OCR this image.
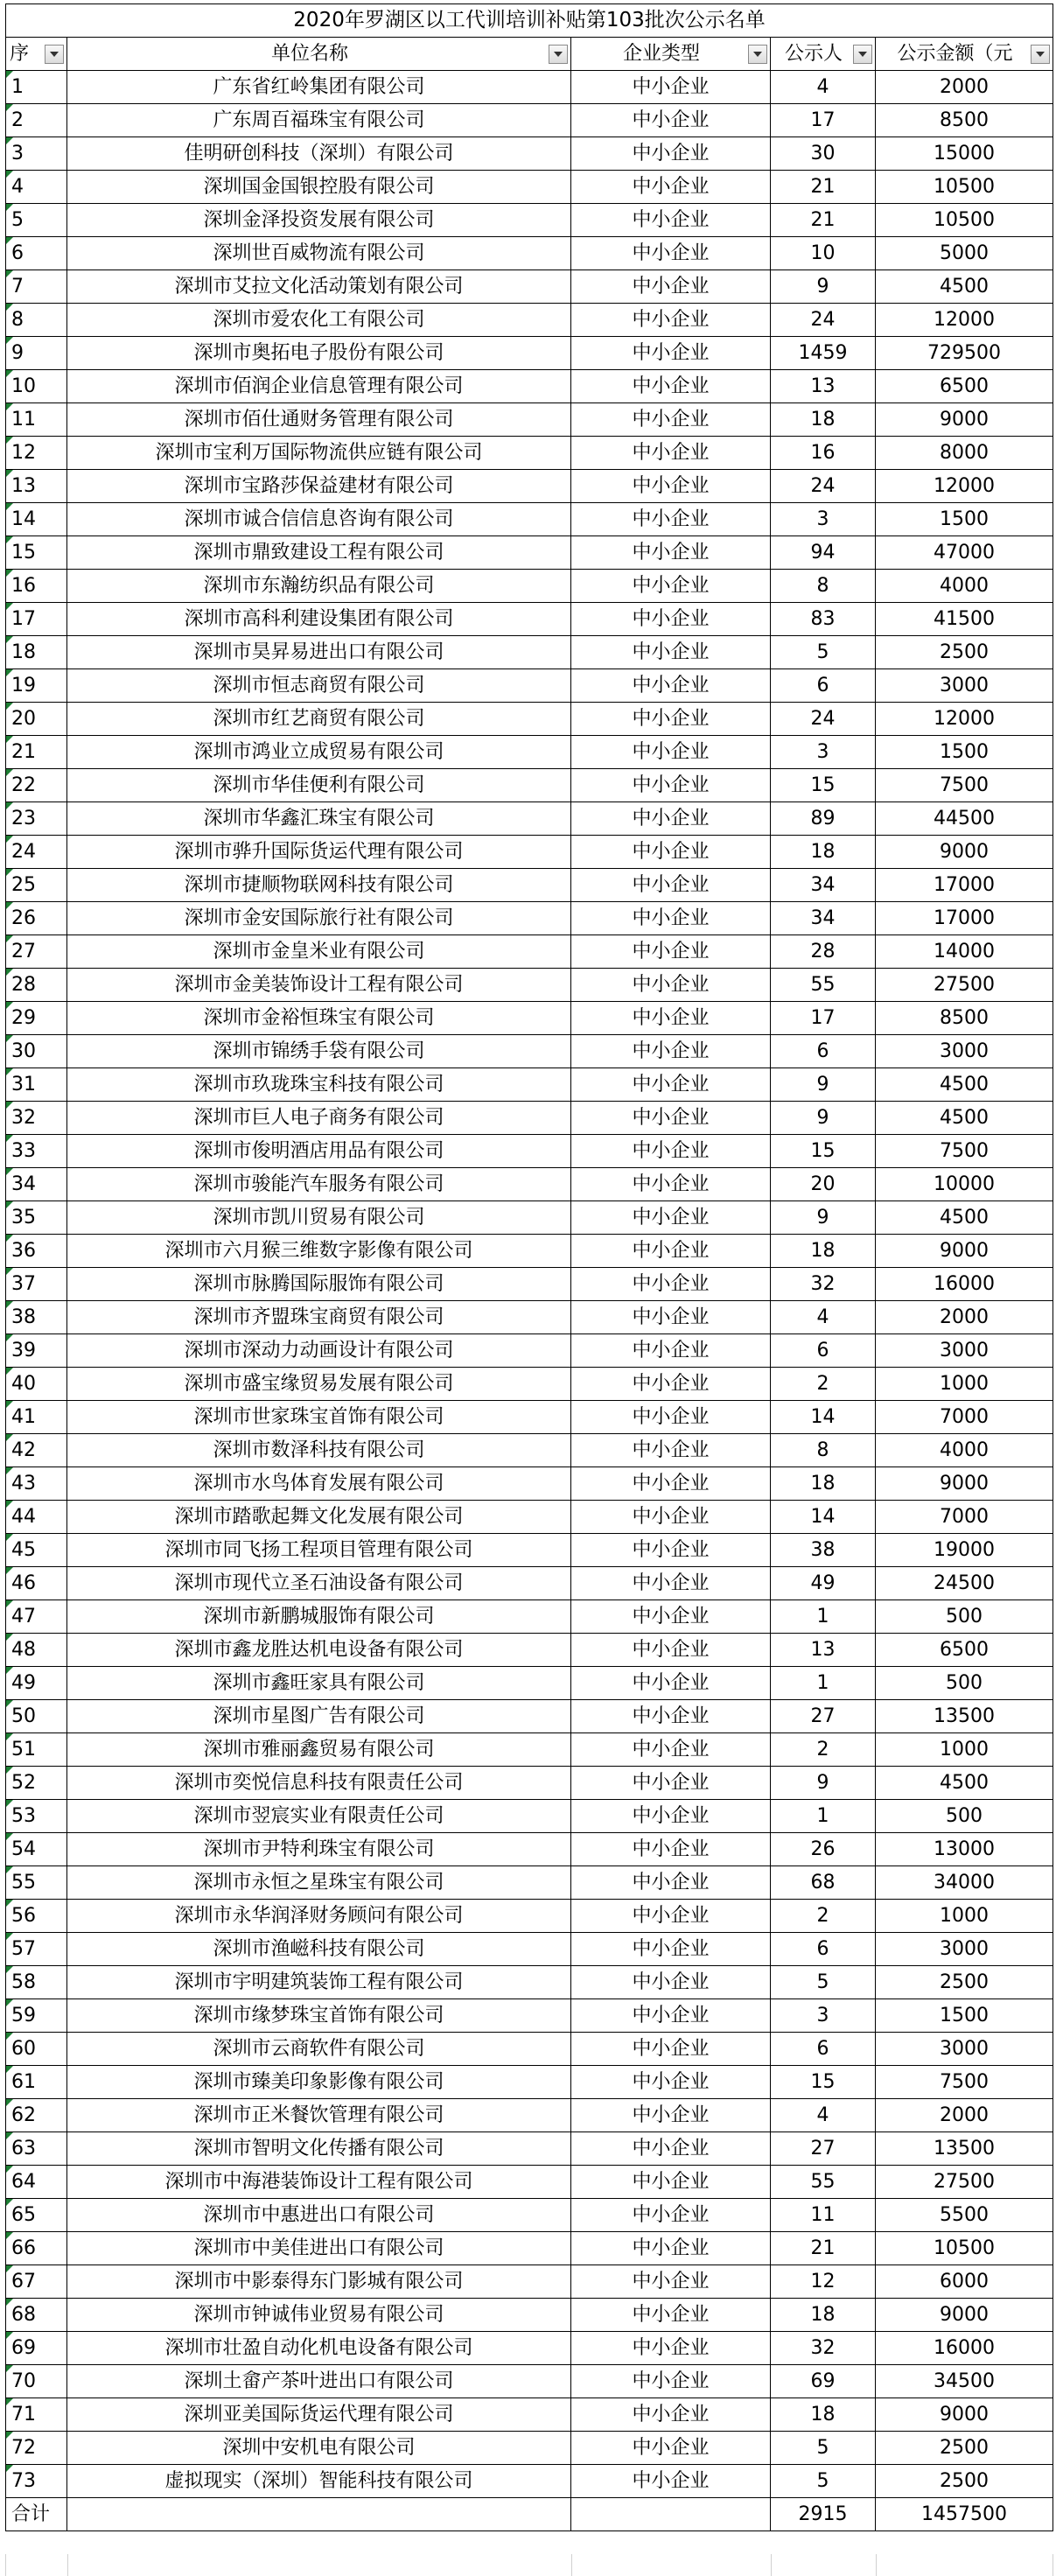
2020年罗湖区以工代训培训补贴第103批次公示名单				

序	单位名称	企业类型	公示人	公示金额（元

1	广东省红岭集团有限公司	中小企业	4	2000
2	广东周百福珠宝有限公司	中小企业	17	8500
3	佳明研创科技（深圳）有限公司	中小企业	30	15000
4	深圳国金国银控股有限公司	中小企业	21	10500
5	深圳金泽投资发展有限公司	中小企业	21	10500
6	深圳世百威物流有限公司	中小企业	10	5000
7	深圳市艾拉文化活动策划有限公司	中小企业	9	4500
8	深圳市爱农化工有限公司	中小企业	24	12000
9	深圳市奥拓电子股份有限公司	中小企业	1459	729500
10	深圳市佰润企业信息管理有限公司	中小企业	13	6500
11	深圳市佰仕通财务管理有限公司	中小企业	18	9000
12	深圳市宝利万国际物流供应链有限公司	中小企业	16	8000
13	深圳市宝路莎保益建材有限公司	中小企业	24	12000
14	深圳市诚合信信息咨询有限公司	中小企业	3	1500
15	深圳市鼎致建设工程有限公司	中小企业	94	47000
16	深圳市东瀚纺织品有限公司	中小企业	8	4000
17	深圳市高科利建设集团有限公司	中小企业	83	41500
18	深圳市昊昇易进出口有限公司	中小企业	5	2500
19	深圳市恒志商贸有限公司	中小企业	6	3000
20	深圳市红艺商贸有限公司	中小企业	24	12000
21	深圳市鸿业立成贸易有限公司	中小企业	3	1500
22	深圳市华佳便利有限公司	中小企业	15	7500
23	深圳市华鑫汇珠宝有限公司	中小企业	89	44500
24	深圳市骅升国际货运代理有限公司	中小企业	18	9000
25	深圳市捷顺物联网科技有限公司	中小企业	34	17000
26	深圳市金安国际旅行社有限公司	中小企业	34	17000
27	深圳市金皇米业有限公司	中小企业	28	14000
28	深圳市金美装饰设计工程有限公司	中小企业	55	27500
29	深圳市金裕恒珠宝有限公司	中小企业	17	8500
30	深圳市锦绣手袋有限公司	中小企业	6	3000
31	深圳市玖珑珠宝科技有限公司	中小企业	9	4500
32	深圳市巨人电子商务有限公司	中小企业	9	4500
33	深圳市俊明酒店用品有限公司	中小企业	15	7500
34	深圳市骏能汽车服务有限公司	中小企业	20	10000
35	深圳市凯川贸易有限公司	中小企业	9	4500
36	深圳市六月猴三维数字影像有限公司	中小企业	18	9000
37	深圳市脉腾国际服饰有限公司	中小企业	32	16000
38	深圳市齐盟珠宝商贸有限公司	中小企业	4	2000
39	深圳市深动力动画设计有限公司	中小企业	6	3000
40	深圳市盛宝缘贸易发展有限公司	中小企业	2	1000
41	深圳市世家珠宝首饰有限公司	中小企业	14	7000
42	深圳市数泽科技有限公司	中小企业	8	4000
43	深圳市水鸟体育发展有限公司	中小企业	18	9000
44	深圳市踏歌起舞文化发展有限公司	中小企业	14	7000
45	深圳市同飞扬工程项目管理有限公司	中小企业	38	19000
46	深圳市现代立圣石油设备有限公司	中小企业	49	24500
47	深圳市新鹏城服饰有限公司	中小企业	1	500
48	深圳市鑫龙胜达机电设备有限公司	中小企业	13	6500
49	深圳市鑫旺家具有限公司	中小企业	1	500
50	深圳市星图广告有限公司	中小企业	27	13500
51	深圳市雅丽鑫贸易有限公司	中小企业	2	1000
52	深圳市奕悦信息科技有限责任公司	中小企业	9	4500
53	深圳市翌宸实业有限责任公司	中小企业	1	500
54	深圳市尹特利珠宝有限公司	中小企业	26	13000
55	深圳市永恒之星珠宝有限公司	中小企业	68	34000
56	深圳市永华润泽财务顾问有限公司	中小企业	2	1000
57	深圳市渔嵫科技有限公司	中小企业	6	3000
58	深圳市宇明建筑装饰工程有限公司	中小企业	5	2500
59	深圳市缘梦珠宝首饰有限公司	中小企业	3	1500
60	深圳市云商软件有限公司	中小企业	6	3000
61	深圳市臻美印象影像有限公司	中小企业	15	7500
62	深圳市正米餐饮管理有限公司	中小企业	4	2000
63	深圳市智明文化传播有限公司	中小企业	27	13500
64	深圳市中海港装饰设计工程有限公司	中小企业	55	27500
65	深圳市中惠进出口有限公司	中小企业	11	5500
66	深圳市中美佳进出口有限公司	中小企业	21	10500
67	深圳市中影泰得东门影城有限公司	中小企业	12	6000
68	深圳市钟诚伟业贸易有限公司	中小企业	18	9000
69	深圳市壮盈自动化机电设备有限公司	中小企业	32	16000
70	深圳土畲产茶叶进出口有限公司	中小企业	69	34500
71	深圳亚美国际货运代理有限公司	中小企业	18	9000
72	深圳中安机电有限公司	中小企业	5	2500
73	虚拟现实（深圳）智能科技有限公司	中小企业	5	2500
合计			2915	1457500
